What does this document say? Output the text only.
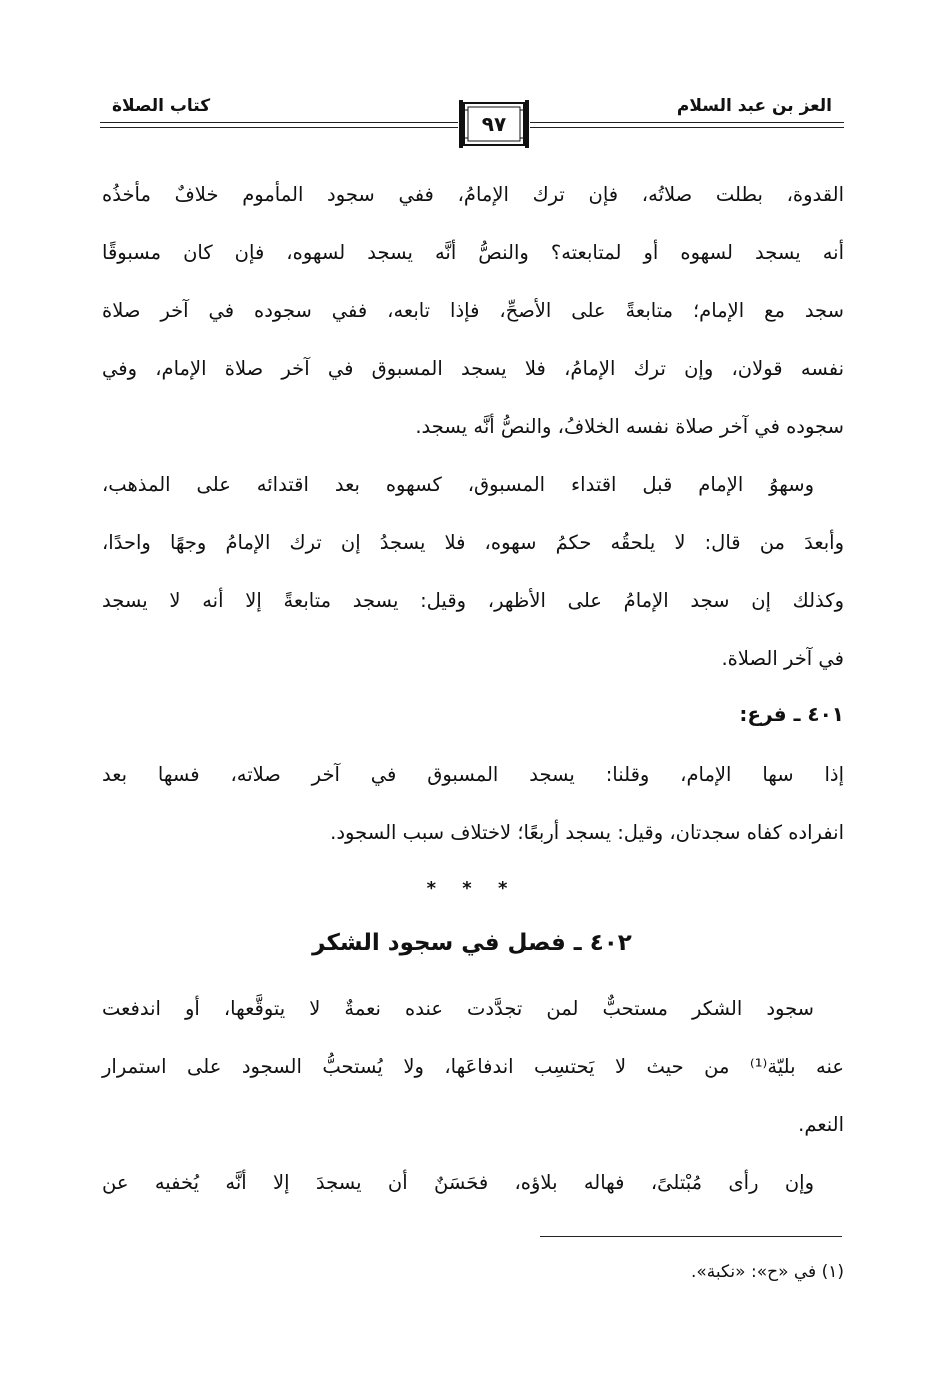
كتاب الصلاة	العز بن عبد السلام
٩٧
القدوة، بطلت صلاتُه، فإن ترك الإمامُ، ففي سجود المأموم خلافٌ مأخذُه
أنه يسجد لسهوه أو لمتابعته؟ والنصُّ أنَّه يسجد لسهوه، فإن كان مسبوقًا
سجد مع الإمام؛ متابعةً على الأصحِّ، فإذا تابعه، ففي سجوده في آخر صلاة
نفسه قولان، وإن ترك الإمامُ، فلا يسجد المسبوق في آخر صلاة الإمام، وفي
سجوده في آخر صلاة نفسه الخلافُ، والنصُّ أنَّه يسجد.
وسهوُ الإمام قبل اقتداء المسبوق، كسهوه بعد اقتدائه على المذهب،
وأبعدَ من قال: لا يلحقُه حكمُ سهوه، فلا يسجدُ إن ترك الإمامُ وجهًا واحدًا،
وكذلك إن سجد الإمامُ على الأظهر، وقيل: يسجد متابعةً إلا أنه لا يسجد
في آخر الصلاة.
٤٠١ ـ فرع:
إذا سها الإمام، وقلنا: يسجد المسبوق في آخر صلاته، فسها بعد
انفراده كفاه سجدتان، وقيل: يسجد أربعًا؛ لاختلاف سبب السجود.
* * *
٤٠٢ ـ فصل في سجود الشكر
سجود الشكر مستحبٌّ لمن تجدَّدت عنده نعمةٌ لا يتوقَّعها، أو اندفعت
عنه بليّة⁽¹⁾ من حيث لا يَحتسِب اندفاعَها، ولا يُستحبُّ السجود على استمرار
النعم.
وإن رأى مُبْتلىً، فهاله بلاؤه، فحَسَنٌ أن يسجدَ إلا أنَّه يُخفيه عن
(١) في «ح»: «نكبة».
